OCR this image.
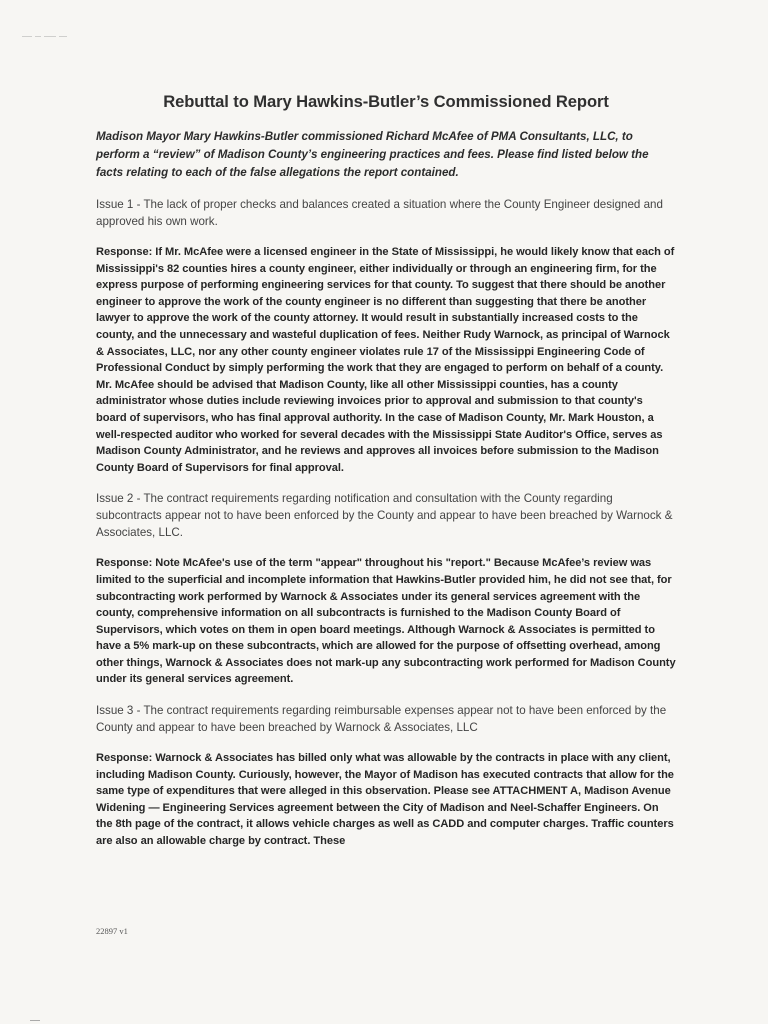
Rebuttal to Mary Hawkins-Butler’s Commissioned Report

Madison Mayor Mary Hawkins-Butler commissioned Richard McAfee of PMA Consultants, LLC, to perform a “review” of Madison County’s engineering practices and fees. Please find listed below the facts relating to each of the false allegations the report contained.

Issue 1 - The lack of proper checks and balances created a situation where the County Engineer designed and approved his own work.

Response: If Mr. McAfee were a licensed engineer in the State of Mississippi, he would likely know that each of Mississippi's 82 counties hires a county engineer, either individually or through an engineering firm, for the express purpose of performing engineering services for that county. To suggest that there should be another engineer to approve the work of the county engineer is no different than suggesting that there be another lawyer to approve the work of the county attorney. It would result in substantially increased costs to the county, and the unnecessary and wasteful duplication of fees. Neither Rudy Warnock, as principal of Warnock & Associates, LLC, nor any other county engineer violates rule 17 of the Mississippi Engineering Code of Professional Conduct by simply performing the work that they are engaged to perform on behalf of a county. Mr. McAfee should be advised that Madison County, like all other Mississippi counties, has a county administrator whose duties include reviewing invoices prior to approval and submission to that county's board of supervisors, who has final approval authority. In the case of Madison County, Mr. Mark Houston, a well-respected auditor who worked for several decades with the Mississippi State Auditor's Office, serves as Madison County Administrator, and he reviews and approves all invoices before submission to the Madison County Board of Supervisors for final approval.

Issue 2 - The contract requirements regarding notification and consultation with the County regarding subcontracts appear not to have been enforced by the County and appear to have been breached by Warnock & Associates, LLC.

Response: Note McAfee's use of the term "appear" throughout his "report." Because McAfee’s review was limited to the superficial and incomplete information that Hawkins-Butler provided him, he did not see that, for subcontracting work performed by Warnock & Associates under its general services agreement with the county, comprehensive information on all subcontracts is furnished to the Madison County Board of Supervisors, which votes on them in open board meetings. Although Warnock & Associates is permitted to have a 5% mark-up on these subcontracts, which are allowed for the purpose of offsetting overhead, among other things, Warnock & Associates does not mark-up any subcontracting work performed for Madison County under its general services agreement.

Issue 3 - The contract requirements regarding reimbursable expenses appear not to have been enforced by the County and appear to have been breached by Warnock & Associates, LLC

Response: Warnock & Associates has billed only what was allowable by the contracts in place with any client, including Madison County. Curiously, however, the Mayor of Madison has executed contracts that allow for the same type of expenditures that were alleged in this observation. Please see ATTACHMENT A, Madison Avenue Widening — Engineering Services agreement between the City of Madison and Neel-Schaffer Engineers. On the 8th page of the contract, it allows vehicle charges as well as CADD and computer charges. Traffic counters are also an allowable charge by contract. These

22897 v1
